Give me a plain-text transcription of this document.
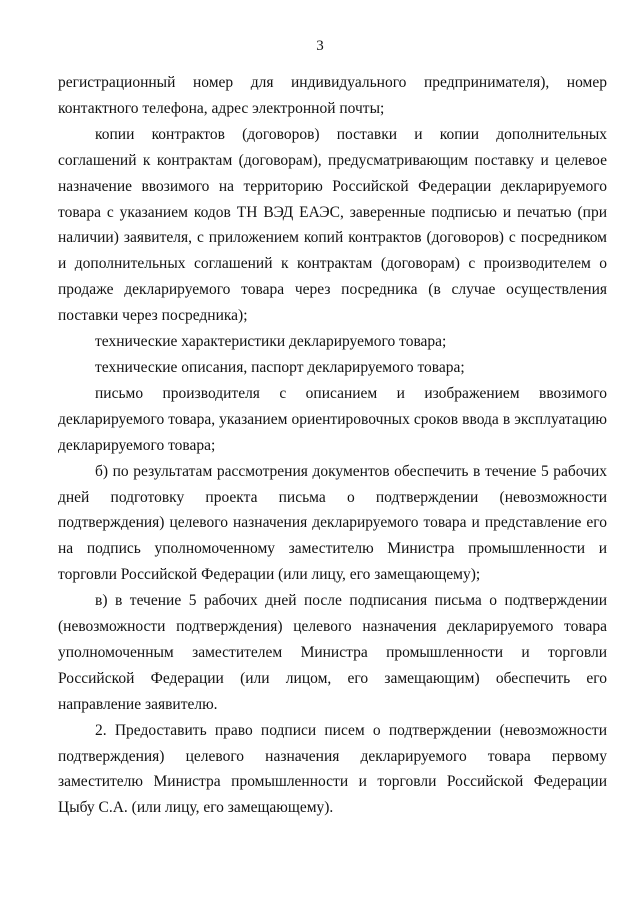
3

регистрационный номер для индивидуального предпринимателя), номер контактного телефона, адрес электронной почты;

копии контрактов (договоров) поставки и копии дополнительных соглашений к контрактам (договорам), предусматривающим поставку и целевое назначение ввозимого на территорию Российской Федерации декларируемого товара с указанием кодов ТН ВЭД ЕАЭС, заверенные подписью и печатью (при наличии) заявителя, с приложением копий контрактов (договоров) с посредником и дополнительных соглашений к контрактам (договорам) с производителем о продаже декларируемого товара через посредника (в случае осуществления поставки через посредника);

технические характеристики декларируемого товара;

технические описания, паспорт декларируемого товара;

письмо производителя с описанием и изображением ввозимого декларируемого товара, указанием ориентировочных сроков ввода в эксплуатацию декларируемого товара;

б) по результатам рассмотрения документов обеспечить в течение 5 рабочих дней подготовку проекта письма о подтверждении (невозможности подтверждения) целевого назначения декларируемого товара и представление его на подпись уполномоченному заместителю Министра промышленности и торговли Российской Федерации (или лицу, его замещающему);

в) в течение 5 рабочих дней после подписания письма о подтверждении (невозможности подтверждения) целевого назначения декларируемого товара уполномоченным заместителем Министра промышленности и торговли Российской Федерации (или лицом, его замещающим) обеспечить его направление заявителю.

2. Предоставить право подписи писем о подтверждении (невозможности подтверждения) целевого назначения декларируемого товара первому заместителю Министра промышленности и торговли Российской Федерации Цыбу С.А. (или лицу, его замещающему).
